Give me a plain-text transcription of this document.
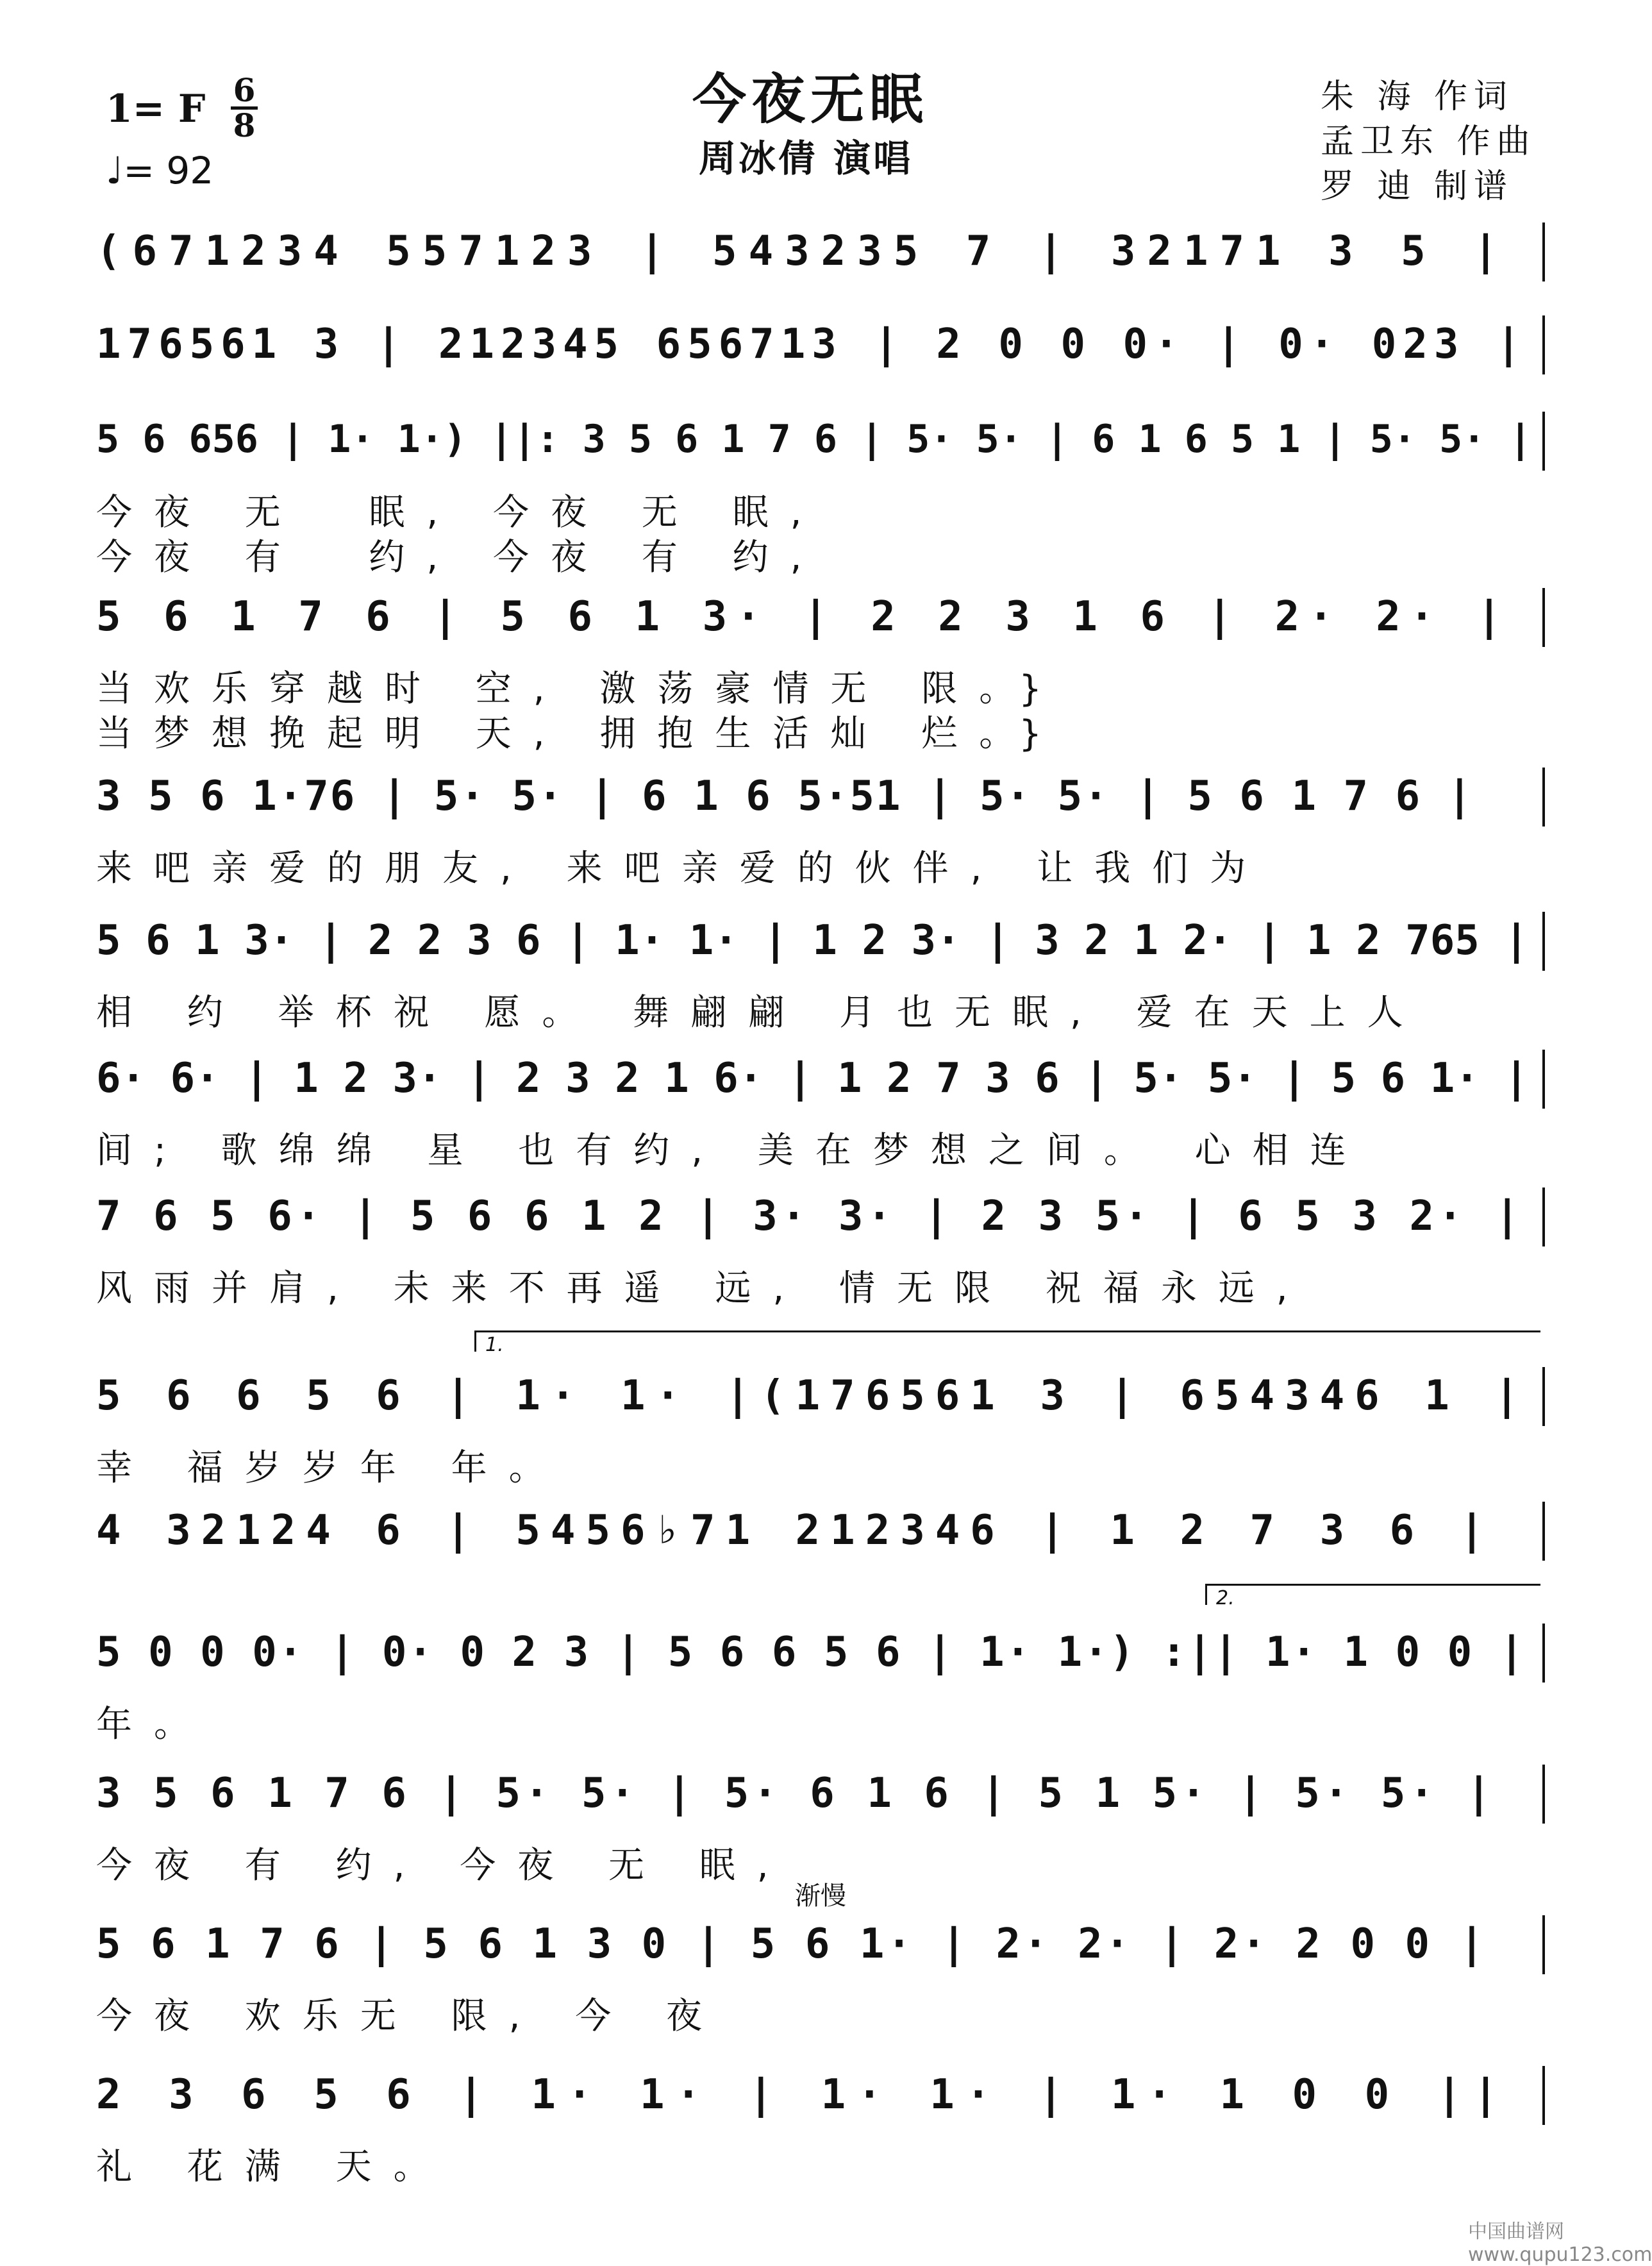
今夜无眠
周冰倩 演唱
1= F 6
8
♩= 92
朱 海 作词
孟卫东 作曲
罗 迪 制谱
(671234 557123 | 543235 7 | 32171 3 5 |
176561 3 | 212345 656713 | 2 0 0 0· | 0· 023 |
5 6 656 | 1· 1·) ||: 3 5 6 1 7 6 | 5· 5· | 6 1 6 5 1 | 5· 5· |
今夜 无  眠, 今夜 无 眠,
今夜 有  约, 今夜 有 约,
5 6 1 7 6 | 5 6 1 3· | 2 2 3 1 6 | 2· 2· |
当欢乐穿越时 空, 激荡豪情无 限。}
当梦想挽起明 天, 拥抱生活灿 烂。}
3 5 6 1·76 | 5· 5· | 6 1 6 5·51 | 5· 5· | 5 6 1 7 6 |
来吧亲爱的朋友, 来吧亲爱的伙伴, 让我们为
5 6 1 3· | 2 2 3 6 | 1· 1· | 1 2 3· | 3 2 1 2· | 1 2 765 |
相 约 举杯祝 愿。 舞翩翩 月也无眠, 爱在天上人
6· 6· | 1 2 3· | 2 3 2 1 6· | 1 2 7 3 6 | 5· 5· | 5 6 1· |
间; 歌绵绵 星 也有约, 美在梦想之间。 心相连
7 6 5 6· | 5 6 6 1 2 | 3· 3· | 2 3 5· | 6 5 3 2· |
风雨并肩, 未来不再遥 远, 情无限 祝福永远,
5 6 6 5 6 | 1· 1· |(176561 3 | 654346 1 |
幸 福岁岁年 年。
4 32124 6 | 5456♭71 212346 | 1 2 7 3 6 |
5 0 0 0· | 0· 0 2 3 | 5 6 6 5 6 | 1· 1·) :|| 1· 1 0 0 |
年。
3 5 6 1 7 6 | 5· 5· | 5· 6 1 6 | 5 1 5· | 5· 5· |
今夜 有 约, 今夜 无 眠,
5 6 1 7 6 | 5 6 1 3 0 | 5 6 1· | 2· 2· | 2· 2 0 0 |
今夜 欢乐无 限, 今 夜
2 3 6 5 6 | 1· 1· | 1· 1· | 1· 1 0 0 ||
礼 花满 天。
1.
2.
渐慢
中国曲谱网 www.qupu123.com
